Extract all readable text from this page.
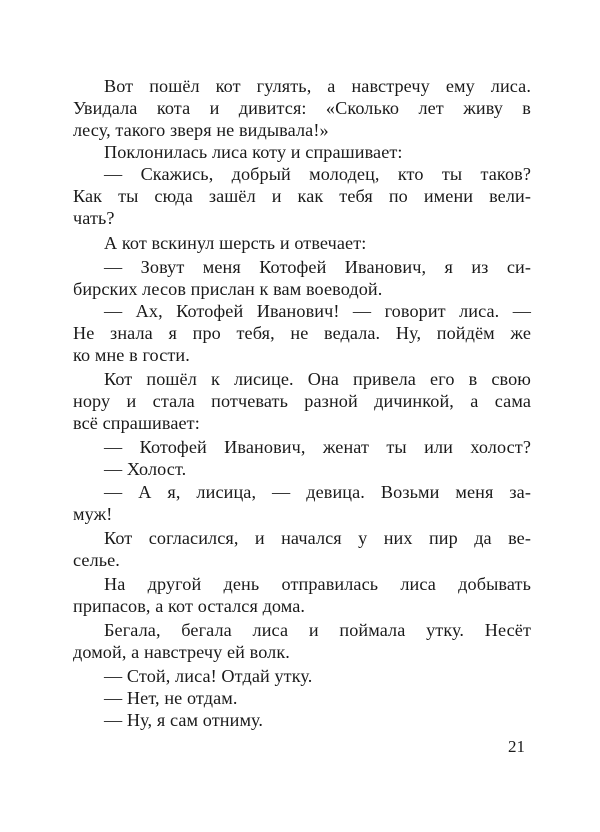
Вот пошёл кот гулять, а навстречу ему лиса.
Увидала кота и дивится: «Сколько лет живу в
лесу, такого зверя не видывала!»
Поклонилась лиса коту и спрашивает:
— Скажись, добрый молодец, кто ты таков?
Как ты сюда зашёл и как тебя по имени вели-
чать?
А кот вскинул шерсть и отвечает:
— Зовут меня Котофей Иванович, я из си-
бирских лесов прислан к вам воеводой.
— Ах, Котофей Иванович! — говорит лиса. —
Не знала я про тебя, не ведала. Ну, пойдём же
ко мне в гости.
Кот пошёл к лисице. Она привела его в свою
нору и стала потчевать разной дичинкой, а сама
всё спрашивает:
— Котофей Иванович, женат ты или холост?
— Холост.
— А я, лисица, — девица. Возьми меня за-
муж!
Кот согласился, и начался у них пир да ве-
селье.
На другой день отправилась лиса добывать
припасов, а кот остался дома.
Бегала, бегала лиса и поймала утку. Несёт
домой, а навстречу ей волк.
— Стой, лиса! Отдай утку.
— Нет, не отдам.
— Ну, я сам отниму.
21
